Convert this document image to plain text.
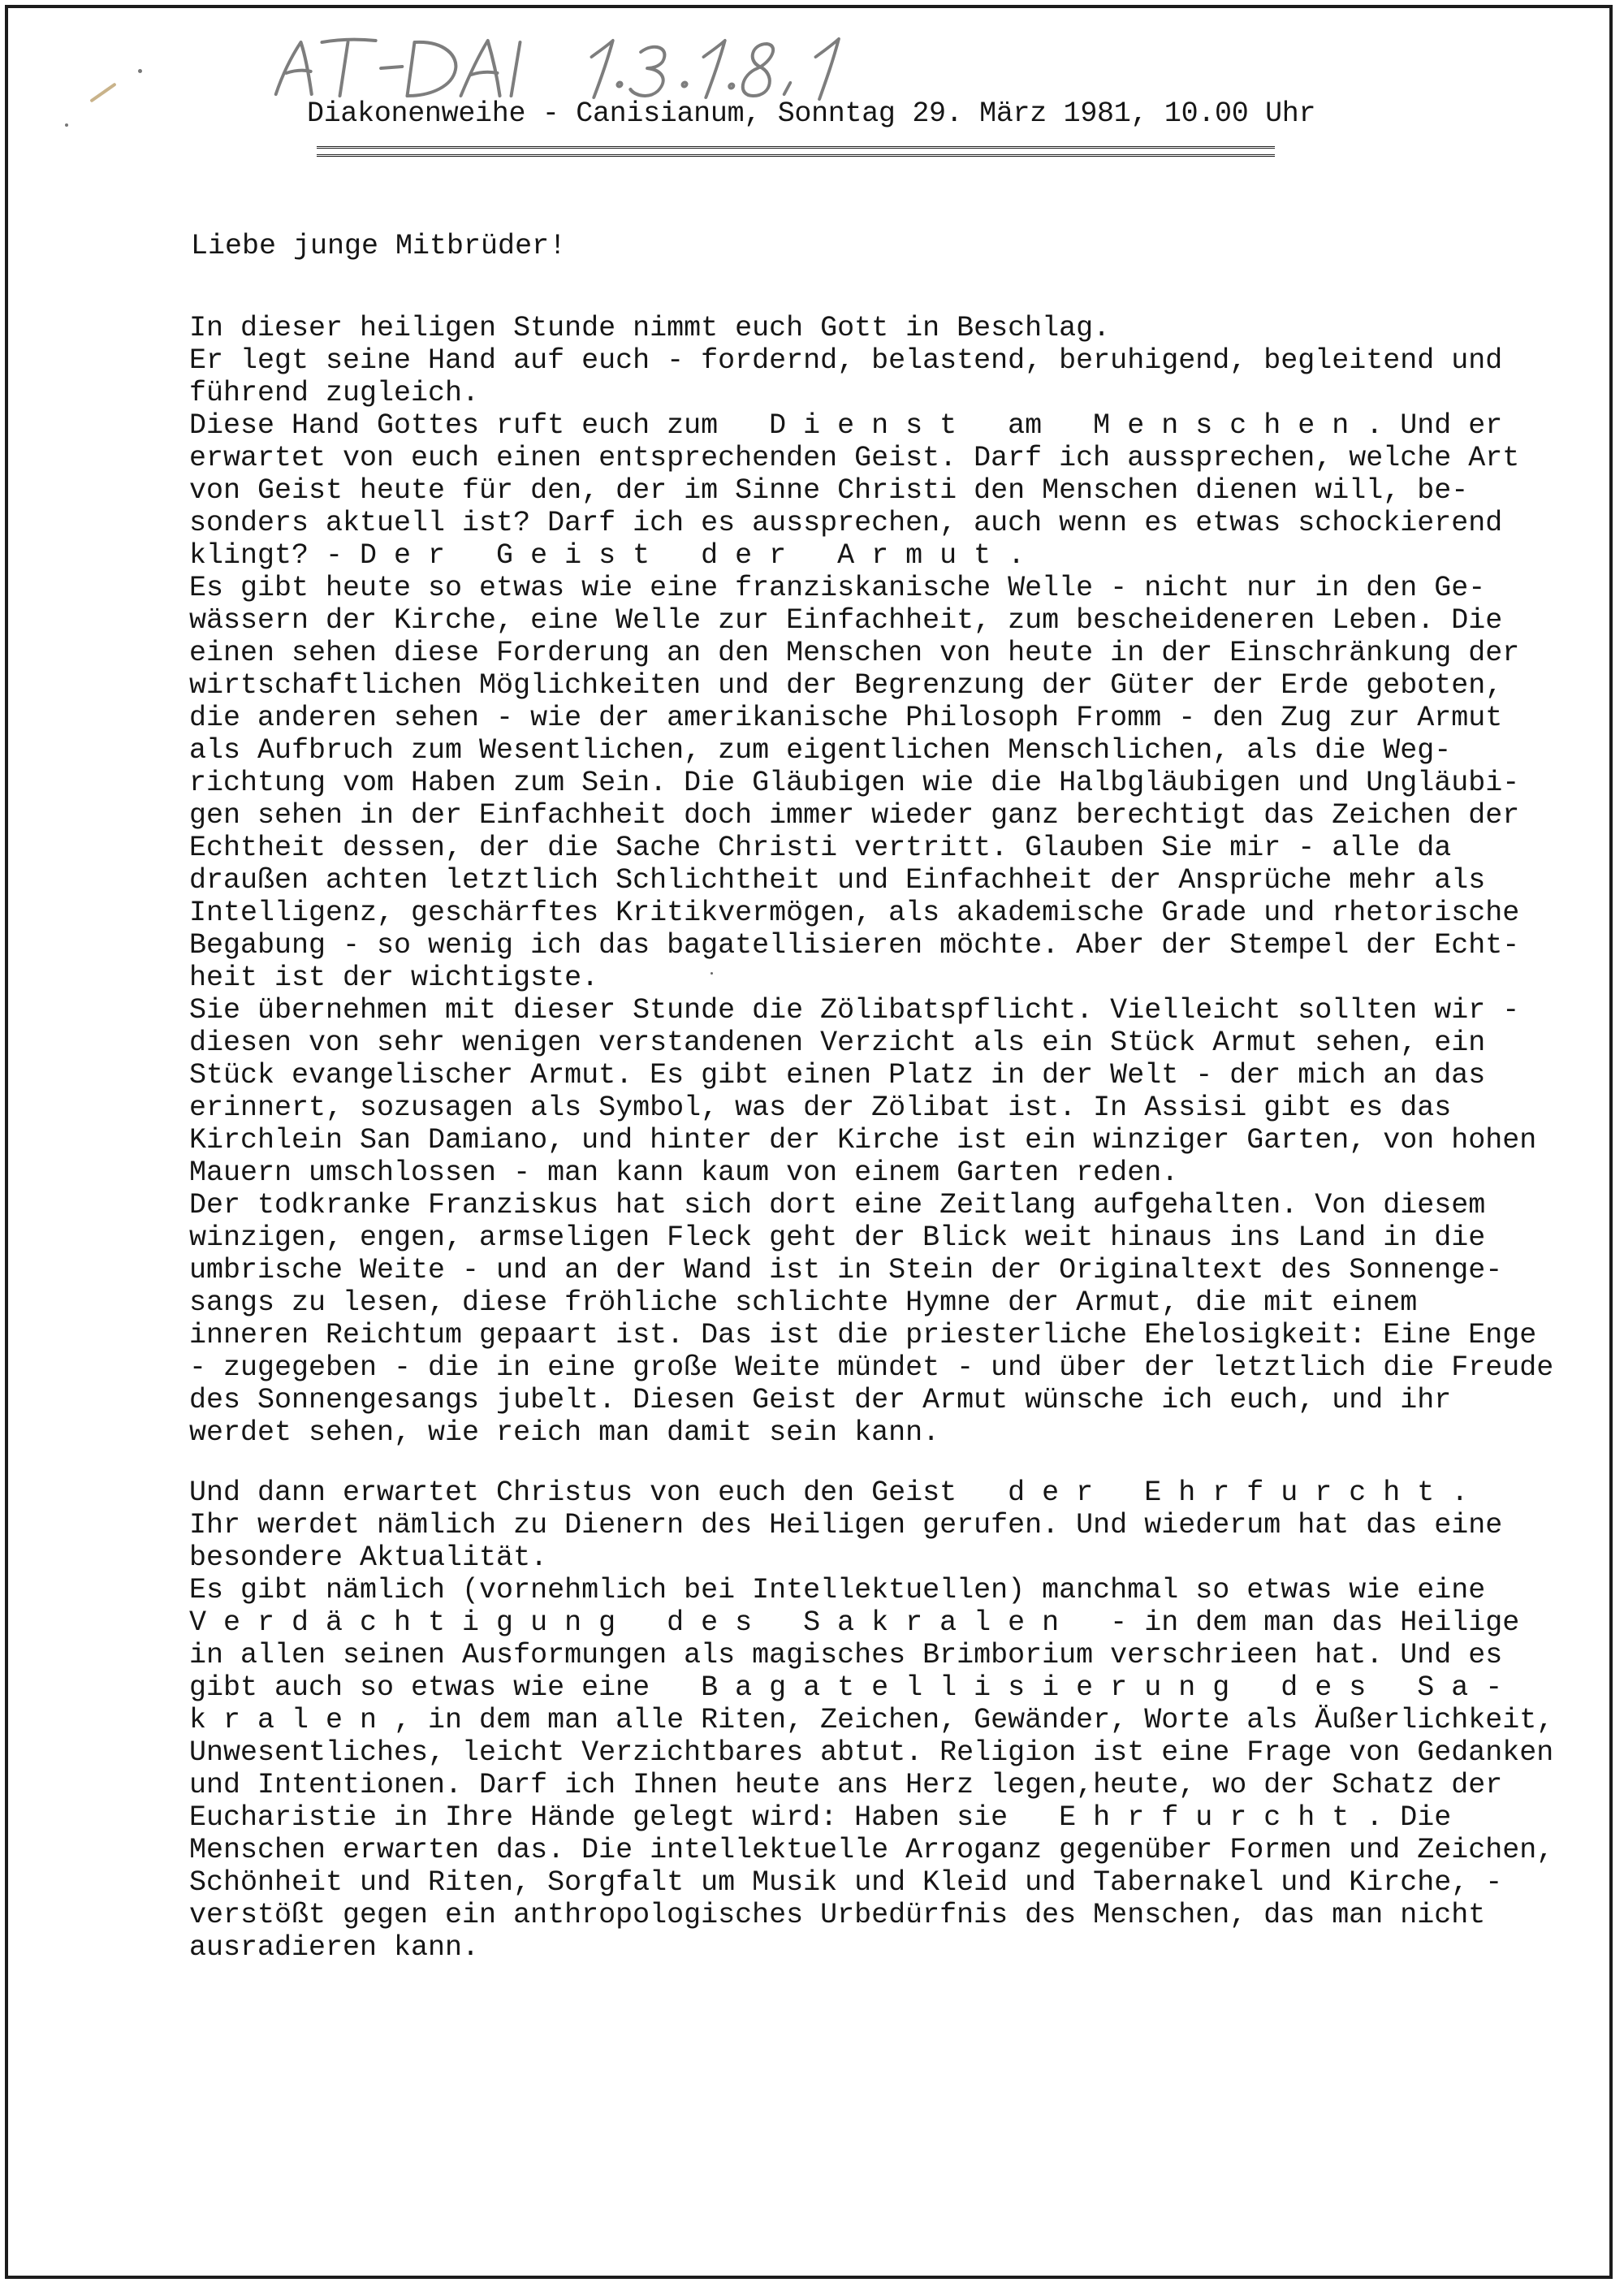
Diakonenweihe - Canisianum, Sonntag 29. März 1981, 10.00 Uhr
Liebe junge Mitbrüder!
In dieser heiligen Stunde nimmt euch Gott in Beschlag.
Er legt seine Hand auf euch - fordernd, belastend, beruhigend, begleitend und
führend zugleich.
Diese Hand Gottes ruft euch zum   D i e n s t   am   M e n s c h e n . Und er
erwartet von euch einen entsprechenden Geist. Darf ich aussprechen, welche Art
von Geist heute für den, der im Sinne Christi den Menschen dienen will, be-
sonders aktuell ist? Darf ich es aussprechen, auch wenn es etwas schockierend
klingt? - D e r   G e i s t   d e r   A r m u t .
Es gibt heute so etwas wie eine franziskanische Welle - nicht nur in den Ge-
wässern der Kirche, eine Welle zur Einfachheit, zum bescheideneren Leben. Die
einen sehen diese Forderung an den Menschen von heute in der Einschränkung der
wirtschaftlichen Möglichkeiten und der Begrenzung der Güter der Erde geboten,
die anderen sehen - wie der amerikanische Philosoph Fromm - den Zug zur Armut
als Aufbruch zum Wesentlichen, zum eigentlichen Menschlichen, als die Weg-
richtung vom Haben zum Sein. Die Gläubigen wie die Halbgläubigen und Ungläubi-
gen sehen in der Einfachheit doch immer wieder ganz berechtigt das Zeichen der
Echtheit dessen, der die Sache Christi vertritt. Glauben Sie mir - alle da
draußen achten letztlich Schlichtheit und Einfachheit der Ansprüche mehr als
Intelligenz, geschärftes Kritikvermögen, als akademische Grade und rhetorische
Begabung - so wenig ich das bagatellisieren möchte. Aber der Stempel der Echt-
heit ist der wichtigste.
Sie übernehmen mit dieser Stunde die Zölibatspflicht. Vielleicht sollten wir -
diesen von sehr wenigen verstandenen Verzicht als ein Stück Armut sehen, ein
Stück evangelischer Armut. Es gibt einen Platz in der Welt - der mich an das
erinnert, sozusagen als Symbol, was der Zölibat ist. In Assisi gibt es das
Kirchlein San Damiano, und hinter der Kirche ist ein winziger Garten, von hohen
Mauern umschlossen - man kann kaum von einem Garten reden.
Der todkranke Franziskus hat sich dort eine Zeitlang aufgehalten. Von diesem
winzigen, engen, armseligen Fleck geht der Blick weit hinaus ins Land in die
umbrische Weite - und an der Wand ist in Stein der Originaltext des Sonnenge-
sangs zu lesen, diese fröhliche schlichte Hymne der Armut, die mit einem
inneren Reichtum gepaart ist. Das ist die priesterliche Ehelosigkeit: Eine Enge
- zugegeben - die in eine große Weite mündet - und über der letztlich die Freude
des Sonnengesangs jubelt. Diesen Geist der Armut wünsche ich euch, und ihr
werdet sehen, wie reich man damit sein kann.
Und dann erwartet Christus von euch den Geist   d e r   E h r f u r c h t .
Ihr werdet nämlich zu Dienern des Heiligen gerufen. Und wiederum hat das eine
besondere Aktualität.
Es gibt nämlich (vornehmlich bei Intellektuellen) manchmal so etwas wie eine
V e r d ä c h t i g u n g   d e s   S a k r a l e n   - in dem man das Heilige
in allen seinen Ausformungen als magisches Brimborium verschrieen hat. Und es
gibt auch so etwas wie eine   B a g a t e l l i s i e r u n g   d e s   S a -
k r a l e n , in dem man alle Riten, Zeichen, Gewänder, Worte als Äußerlichkeit,
Unwesentliches, leicht Verzichtbares abtut. Religion ist eine Frage von Gedanken
und Intentionen. Darf ich Ihnen heute ans Herz legen,heute, wo der Schatz der
Eucharistie in Ihre Hände gelegt wird: Haben sie   E h r f u r c h t . Die
Menschen erwarten das. Die intellektuelle Arroganz gegenüber Formen und Zeichen,
Schönheit und Riten, Sorgfalt um Musik und Kleid und Tabernakel und Kirche, -
verstößt gegen ein anthropologisches Urbedürfnis des Menschen, das man nicht
ausradieren kann.
